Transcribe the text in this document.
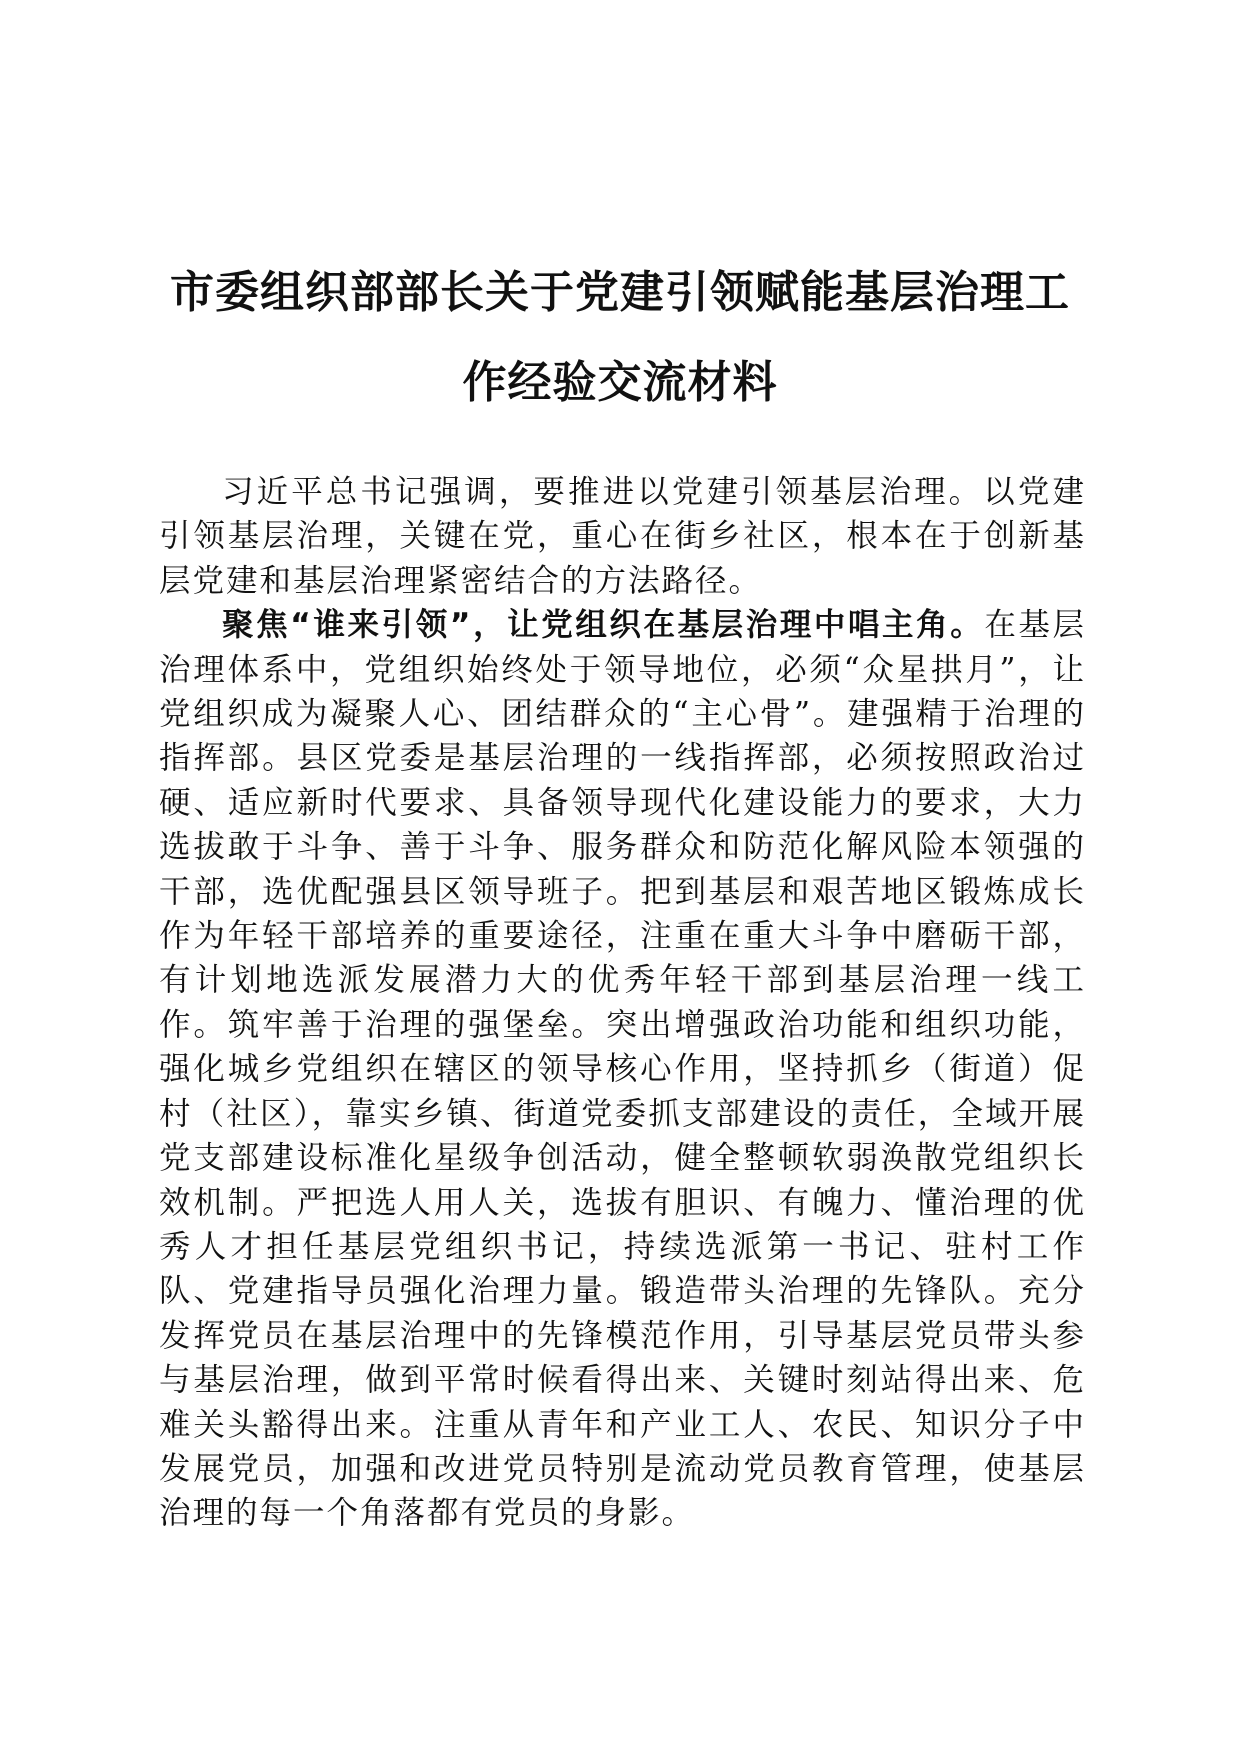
市委组织部部长关于党建引领赋能基层治理工作经验交流材料

习近平总书记强调，要推进以党建引领基层治理。以党建引领基层治理，关键在党，重心在街乡社区，根本在于创新基层党建和基层治理紧密结合的方法路径。

聚焦“谁来引领”，让党组织在基层治理中唱主角。在基层治理体系中，党组织始终处于领导地位，必须“众星拱月”，让党组织成为凝聚人心、团结群众的“主心骨”。建强精于治理的指挥部。县区党委是基层治理的一线指挥部，必须按照政治过硬、适应新时代要求、具备领导现代化建设能力的要求，大力选拔敢于斗争、善于斗争、服务群众和防范化解风险本领强的干部，选优配强县区领导班子。把到基层和艰苦地区锻炼成长作为年轻干部培养的重要途径，注重在重大斗争中磨砺干部，有计划地选派发展潜力大的优秀年轻干部到基层治理一线工作。筑牢善于治理的强堡垒。突出增强政治功能和组织功能，强化城乡党组织在辖区的领导核心作用，坚持抓乡（街道）促村（社区），靠实乡镇、街道党委抓支部建设的责任，全域开展党支部建设标准化星级争创活动，健全整顿软弱涣散党组织长效机制。严把选人用人关，选拔有胆识、有魄力、懂治理的优秀人才担任基层党组织书记，持续选派第一书记、驻村工作队、党建指导员强化治理力量。锻造带头治理的先锋队。充分发挥党员在基层治理中的先锋模范作用，引导基层党员带头参与基层治理，做到平常时候看得出来、关键时刻站得出来、危难关头豁得出来。注重从青年和产业工人、农民、知识分子中发展党员，加强和改进党员特别是流动党员教育管理，使基层治理的每一个角落都有党员的身影。
